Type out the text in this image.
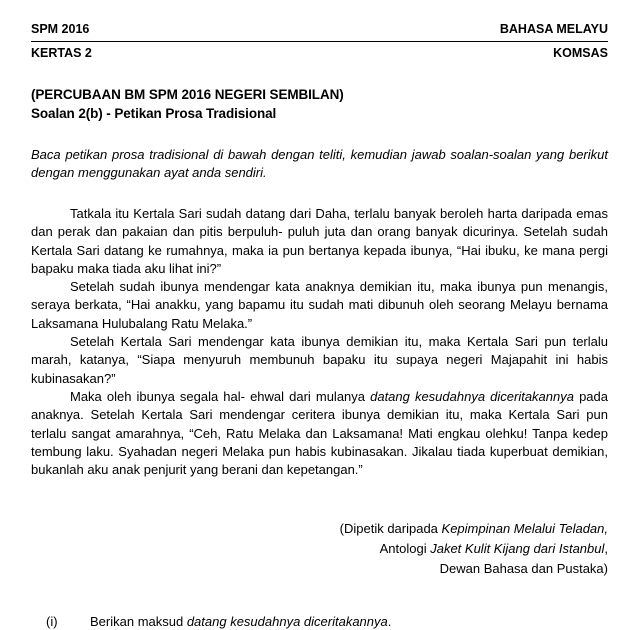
SPM 2016	BAHASA MELAYU
KERTAS 2	KOMSAS
(PERCUBAAN BM SPM 2016 NEGERI SEMBILAN)
Soalan 2(b) - Petikan Prosa Tradisional
Baca petikan prosa tradisional di bawah dengan teliti, kemudian jawab soalan-soalan yang berikut dengan menggunakan ayat anda sendiri.

Tatkala itu Kertala Sari sudah datang dari Daha, terlalu banyak beroleh harta daripada emas dan perak dan pakaian dan pitis berpuluh- puluh juta dan orang banyak dicurinya. Setelah sudah Kertala Sari datang ke rumahnya, maka ia pun bertanya kepada ibunya, “Hai ibuku, ke mana pergi bapaku maka tiada aku lihat ini?”

Setelah sudah ibunya mendengar kata anaknya demikian itu, maka ibunya pun menangis, seraya berkata, “Hai anakku, yang bapamu itu sudah mati dibunuh oleh seorang Melayu bernama Laksamana Hulubalang Ratu Melaka.”

Setelah Kertala Sari mendengar kata ibunya demikian itu, maka Kertala Sari pun terlalu marah, katanya, “Siapa menyuruh membunuh bapaku itu supaya negeri Majapahit ini habis kubinasakan?”

Maka oleh ibunya segala hal- ehwal dari mulanya datang kesudahnya diceritakannya pada anaknya. Setelah Kertala Sari mendengar ceritera ibunya demikian itu, maka Kertala Sari pun terlalu sangat amarahnya, “Ceh, Ratu Melaka dan Laksamana! Mati engkau olehku! Tanpa kedep tembung laku. Syahadan negeri Melaka pun habis kubinasakan. Jikalau tiada kuperbuat demikian, bukanlah aku anak penjurit yang berani dan kepetangan.”

(Dipetik daripada Kepimpinan Melalui Teladan,
Antologi Jaket Kulit Kijang dari Istanbul,
Dewan Bahasa dan Pustaka)
(i) Berikan maksud datang kesudahnya diceritakannya.
